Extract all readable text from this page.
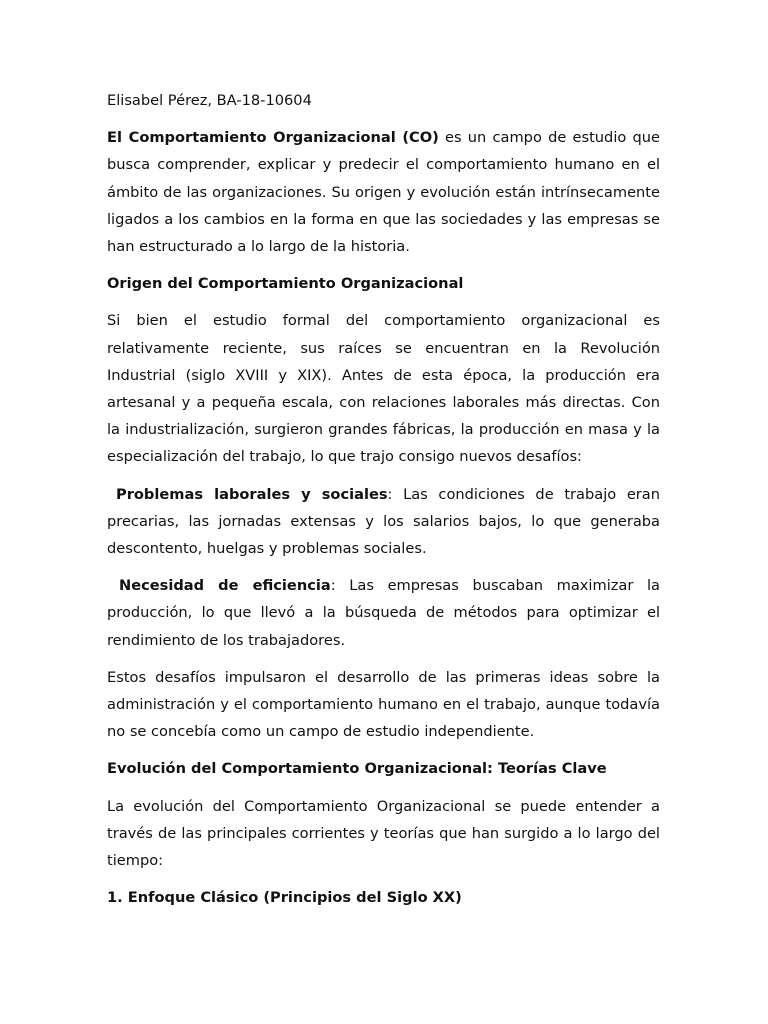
Elisabel Pérez, BA-18-10604

El Comportamiento Organizacional (CO) es un campo de estudio que busca comprender, explicar y predecir el comportamiento humano en el ámbito de las organizaciones. Su origen y evolución están intrínsecamente ligados a los cambios en la forma en que las sociedades y las empresas se han estructurado a lo largo de la historia.

Origen del Comportamiento Organizacional

Si bien el estudio formal del comportamiento organizacional es relativamente reciente, sus raíces se encuentran en la Revolución Industrial (siglo XVIII y XIX). Antes de esta época, la producción era artesanal y a pequeña escala, con relaciones laborales más directas. Con la industrialización, surgieron grandes fábricas, la producción en masa y la especialización del trabajo, lo que trajo consigo nuevos desafíos:

Problemas laborales y sociales: Las condiciones de trabajo eran precarias, las jornadas extensas y los salarios bajos, lo que generaba descontento, huelgas y problemas sociales.

Necesidad de eficiencia: Las empresas buscaban maximizar la producción, lo que llevó a la búsqueda de métodos para optimizar el rendimiento de los trabajadores.

Estos desafíos impulsaron el desarrollo de las primeras ideas sobre la administración y el comportamiento humano en el trabajo, aunque todavía no se concebía como un campo de estudio independiente.

Evolución del Comportamiento Organizacional: Teorías Clave

La evolución del Comportamiento Organizacional se puede entender a través de las principales corrientes y teorías que han surgido a lo largo del tiempo:

1. Enfoque Clásico (Principios del Siglo XX)
